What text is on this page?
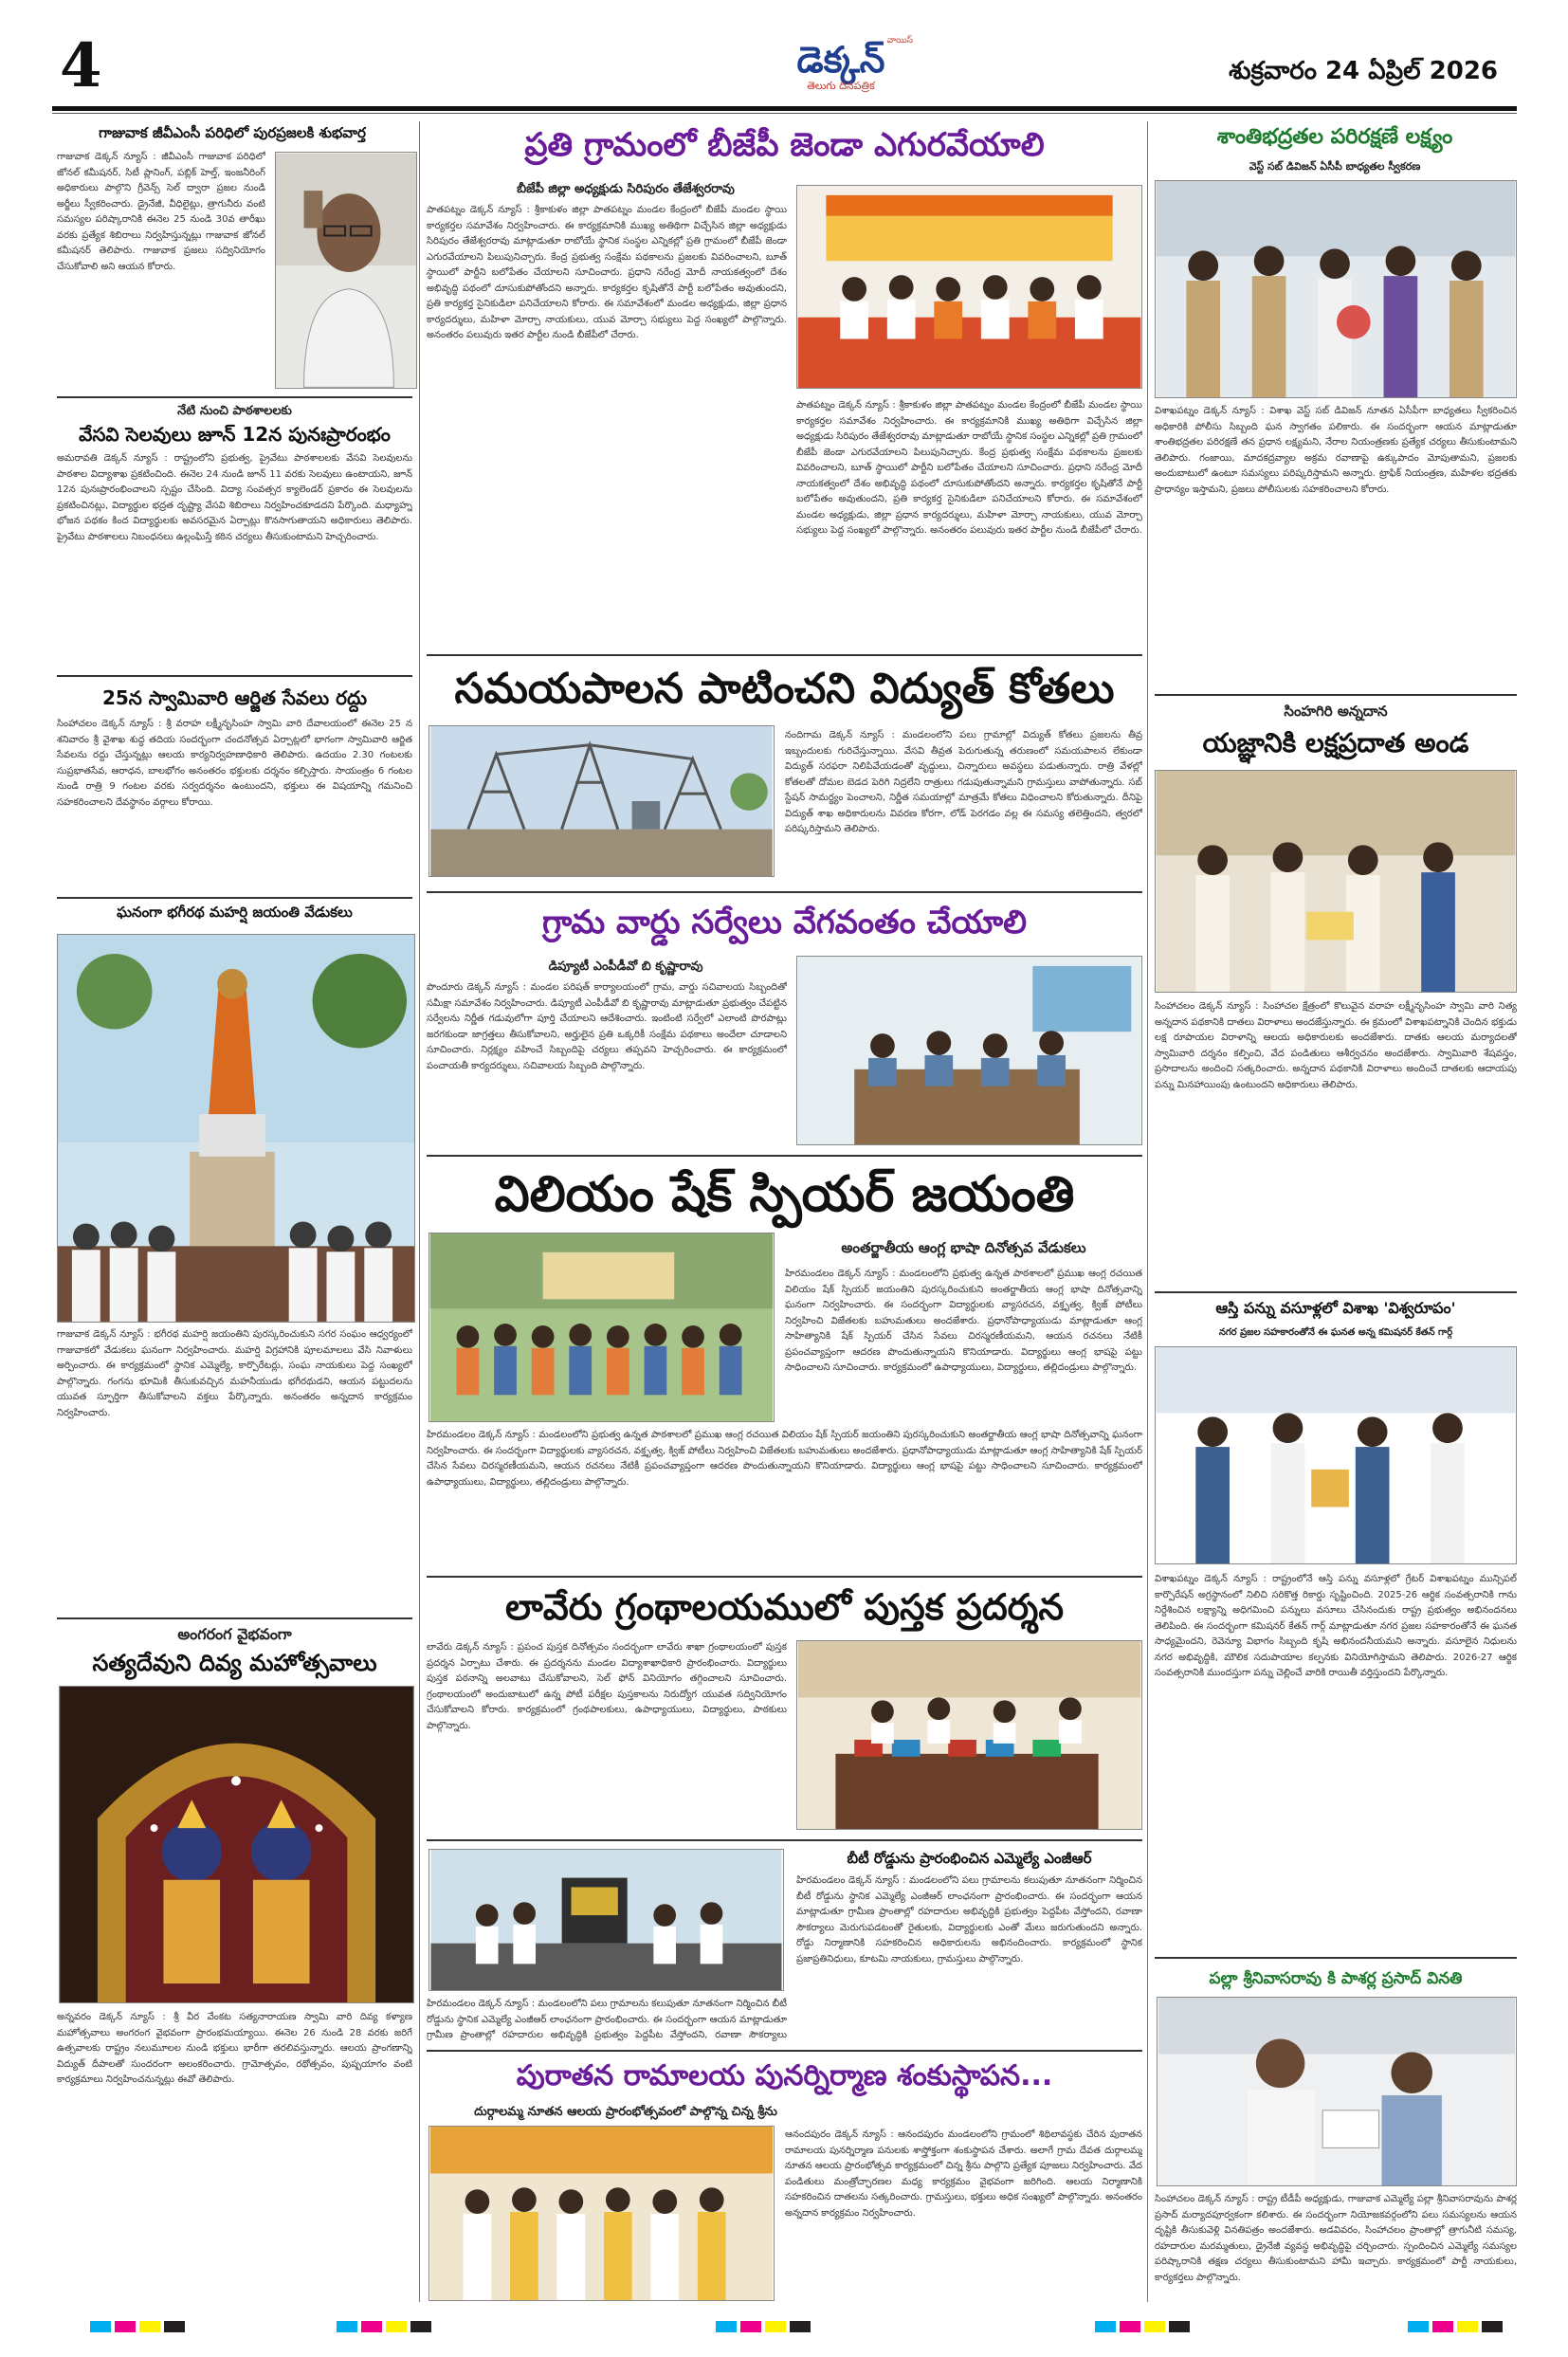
4	వాయిస్
డెక్కన్
తెలుగు దినపత్రిక
శుక్రవారం 24 ఏప్రిల్ 2026
గాజువాక జీవీఎంసీ పరిధిలో పురప్రజలకి శుభవార్త
గాజువాక డెక్కన్ న్యూస్ : జీవీఎంసీ గాజువాక పరిధిలో జోనల్ కమీషనర్, సిటీ ప్లానింగ్, పబ్లిక్ హెల్త్, ఇంజనీరింగ్ అధికారులు పాల్గొని గ్రీవెన్స్ సెల్ ద్వారా ప్రజల నుండి అర్జీలు స్వీకరించారు. డ్రైనేజీ, వీధిలైట్లు, త్రాగునీరు వంటి సమస్యల పరిష్కారానికి ఈనెల 25 నుండి 30వ తారీఖు వరకు ప్రత్యేక శిబిరాలు నిర్వహిస్తున్నట్లు గాజువాక జోనల్ కమీషనర్ తెలిపారు. గాజువాక ప్రజలు సద్వినియోగం చేసుకోవాలి అని ఆయన కోరారు.
నేటి నుంచి పాఠశాలలకు
వేసవి సెలవులు జూన్ 12న పునఃప్రారంభం
అమరావతి డెక్కన్ న్యూస్ : రాష్ట్రంలోని ప్రభుత్వ, ప్రైవేటు పాఠశాలలకు వేసవి సెలవులను పాఠశాల విద్యాశాఖ ప్రకటించింది. ఈనెల 24 నుండి జూన్ 11 వరకు సెలవులు ఉంటాయని, జూన్ 12న పునఃప్రారంభించాలని స్పష్టం చేసింది. విద్యా సంవత్సర క్యాలెండర్ ప్రకారం ఈ సెలవులను ప్రకటించినట్లు, విద్యార్థుల భద్రత దృష్ట్యా వేసవి శిబిరాలు నిర్వహించకూడదని పేర్కొంది. మధ్యాహ్న భోజన పథకం కింద విద్యార్థులకు అవసరమైన ఏర్పాట్లు కొనసాగుతాయని అధికారులు తెలిపారు. ప్రైవేటు పాఠశాలలు నిబంధనలు ఉల్లంఘిస్తే కఠిన చర్యలు తీసుకుంటామని హెచ్చరించారు.
25న స్వామివారి ఆర్జిత సేవలు రద్దు
సింహాచలం డెక్కన్ న్యూస్ : శ్రీ వరాహ లక్ష్మీనృసింహ స్వామి వారి దేవాలయంలో ఈనెల 25 న శనివారం శ్రీ వైశాఖ శుద్ధ తదియ సందర్భంగా చందనోత్సవ ఏర్పాట్లలో భాగంగా స్వామివారి ఆర్జిత సేవలను రద్దు చేస్తున్నట్లు ఆలయ కార్యనిర్వహణాధికారి తెలిపారు. ఉదయం 2.30 గంటలకు సుప్రభాతసేవ, ఆరాధన, బాలభోగం అనంతరం భక్తులకు దర్శనం కల్పిస్తారు. సాయంత్రం 6 గంటల నుండి రాత్రి 9 గంటల వరకు సర్వదర్శనం ఉంటుందని, భక్తులు ఈ విషయాన్ని గమనించి సహకరించాలని దేవస్థానం వర్గాలు కోరాయి.
ఘనంగా భగీరథ మహర్షి జయంతి వేడుకలు
గాజువాక డెక్కన్ న్యూస్ : భగీరథ మహర్షి జయంతిని పురస్కరించుకుని సగర సంఘం ఆధ్వర్యంలో గాజువాకలో వేడుకలు ఘనంగా నిర్వహించారు. మహర్షి విగ్రహానికి పూలమాలలు వేసి నివాళులు అర్పించారు. ఈ కార్యక్రమంలో స్థానిక ఎమ్మెల్యే, కార్పొరేటర్లు, సంఘ నాయకులు పెద్ద సంఖ్యలో పాల్గొన్నారు. గంగను భూమికి తీసుకువచ్చిన మహనీయుడు భగీరథుడని, ఆయన పట్టుదలను యువత స్ఫూర్తిగా తీసుకోవాలని వక్తలు పేర్కొన్నారు. అనంతరం అన్నదాన కార్యక్రమం నిర్వహించారు.
అంగరంగ వైభవంగా
సత్యదేవుని దివ్య మహోత్సవాలు
అన్నవరం డెక్కన్ న్యూస్ : శ్రీ వీర వేంకట సత్యనారాయణ స్వామి వారి దివ్య కళ్యాణ మహోత్సవాలు అంగరంగ వైభవంగా ప్రారంభమయ్యాయి. ఈనెల 26 నుండి 28 వరకు జరిగే ఉత్సవాలకు రాష్ట్రం నలుమూలల నుండి భక్తులు భారీగా తరలివస్తున్నారు. ఆలయ ప్రాంగణాన్ని విద్యుత్ దీపాలతో సుందరంగా అలంకరించారు. గ్రామోత్సవం, రథోత్సవం, పుష్పయాగం వంటి కార్యక్రమాలు నిర్వహించనున్నట్లు ఈవో తెలిపారు.
ప్రతి గ్రామంలో బీజేపీ జెండా ఎగురవేయాలి
బీజేపీ జిల్లా అధ్యక్షుడు సిరిపురం తేజేశ్వరరావు
పాతపట్నం డెక్కన్ న్యూస్ : శ్రీకాకుళం జిల్లా పాతపట్నం మండల కేంద్రంలో బీజేపీ మండల స్థాయి కార్యకర్తల సమావేశం నిర్వహించారు. ఈ కార్యక్రమానికి ముఖ్య అతిథిగా విచ్చేసిన జిల్లా అధ్యక్షుడు సిరిపురం తేజేశ్వరరావు మాట్లాడుతూ రాబోయే స్థానిక సంస్థల ఎన్నికల్లో ప్రతి గ్రామంలో బీజేపీ జెండా ఎగురవేయాలని పిలుపునిచ్చారు. కేంద్ర ప్రభుత్వ సంక్షేమ పథకాలను ప్రజలకు వివరించాలని, బూత్ స్థాయిలో పార్టీని బలోపేతం చేయాలని సూచించారు. ప్రధాని నరేంద్ర మోదీ నాయకత్వంలో దేశం అభివృద్ధి పథంలో దూసుకుపోతోందని అన్నారు. కార్యకర్తల కృషితోనే పార్టీ బలోపేతం అవుతుందని, ప్రతి కార్యకర్త సైనికుడిలా పనిచేయాలని కోరారు. ఈ సమావేశంలో మండల అధ్యక్షుడు, జిల్లా ప్రధాన కార్యదర్శులు, మహిళా మోర్చా నాయకులు, యువ మోర్చా సభ్యులు పెద్ద సంఖ్యలో పాల్గొన్నారు. అనంతరం పలువురు ఇతర పార్టీల నుండి బీజేపీలో చేరారు.
పాతపట్నం డెక్కన్ న్యూస్ : శ్రీకాకుళం జిల్లా పాతపట్నం మండల కేంద్రంలో బీజేపీ మండల స్థాయి కార్యకర్తల సమావేశం నిర్వహించారు. ఈ కార్యక్రమానికి ముఖ్య అతిథిగా విచ్చేసిన జిల్లా అధ్యక్షుడు సిరిపురం తేజేశ్వరరావు మాట్లాడుతూ రాబోయే స్థానిక సంస్థల ఎన్నికల్లో ప్రతి గ్రామంలో బీజేపీ జెండా ఎగురవేయాలని పిలుపునిచ్చారు. కేంద్ర ప్రభుత్వ సంక్షేమ పథకాలను ప్రజలకు వివరించాలని, బూత్ స్థాయిలో పార్టీని బలోపేతం చేయాలని సూచించారు. ప్రధాని నరేంద్ర మోదీ నాయకత్వంలో దేశం అభివృద్ధి పథంలో దూసుకుపోతోందని అన్నారు. కార్యకర్తల కృషితోనే పార్టీ బలోపేతం అవుతుందని, ప్రతి కార్యకర్త సైనికుడిలా పనిచేయాలని కోరారు. ఈ సమావేశంలో మండల అధ్యక్షుడు, జిల్లా ప్రధాన కార్యదర్శులు, మహిళా మోర్చా నాయకులు, యువ మోర్చా సభ్యులు పెద్ద సంఖ్యలో పాల్గొన్నారు. అనంతరం పలువురు ఇతర పార్టీల నుండి బీజేపీలో చేరారు.
సమయపాలన పాటించని విద్యుత్ కోతలు
నందిగామ డెక్కన్ న్యూస్ : మండలంలోని పలు గ్రామాల్లో విద్యుత్ కోతలు ప్రజలను తీవ్ర ఇబ్బందులకు గురిచేస్తున్నాయి. వేసవి తీవ్రత పెరుగుతున్న తరుణంలో సమయపాలన లేకుండా విద్యుత్ సరఫరా నిలిపివేయడంతో వృద్ధులు, చిన్నారులు అవస్థలు పడుతున్నారు. రాత్రి వేళల్లో కోతలతో దోమల బెడద పెరిగి నిద్రలేని రాత్రులు గడుపుతున్నామని గ్రామస్తులు వాపోతున్నారు. సబ్ స్టేషన్ సామర్థ్యం పెంచాలని, నిర్ణీత సమయాల్లో మాత్రమే కోతలు విధించాలని కోరుతున్నారు. దీనిపై విద్యుత్ శాఖ అధికారులను వివరణ కోరగా, లోడ్ పెరగడం వల్ల ఈ సమస్య తలెత్తిందని, త్వరలో పరిష్కరిస్తామని తెలిపారు.
గ్రామ వార్డు సర్వేలు వేగవంతం చేయాలి
డిప్యూటీ ఎంపీడీవో బి కృష్ణారావు
పొందూరు డెక్కన్ న్యూస్ : మండల పరిషత్ కార్యాలయంలో గ్రామ, వార్డు సచివాలయ సిబ్బందితో సమీక్షా సమావేశం నిర్వహించారు. డిప్యూటీ ఎంపీడీవో బి కృష్ణారావు మాట్లాడుతూ ప్రభుత్వం చేపట్టిన సర్వేలను నిర్ణీత గడువులోగా పూర్తి చేయాలని ఆదేశించారు. ఇంటింటి సర్వేలో ఎలాంటి పొరపాట్లు జరగకుండా జాగ్రత్తలు తీసుకోవాలని, అర్హులైన ప్రతి ఒక్కరికీ సంక్షేమ పథకాలు అందేలా చూడాలని సూచించారు. నిర్లక్ష్యం వహించే సిబ్బందిపై చర్యలు తప్పవని హెచ్చరించారు. ఈ కార్యక్రమంలో పంచాయతీ కార్యదర్శులు, సచివాలయ సిబ్బంది పాల్గొన్నారు.
విలియం షేక్ స్పియర్ జయంతి
అంతర్జాతీయ ఆంగ్ల భాషా దినోత్సవ వేడుకలు
హిరమండలం డెక్కన్ న్యూస్ : మండలంలోని ప్రభుత్వ ఉన్నత పాఠశాలలో ప్రముఖ ఆంగ్ల రచయిత విలియం షేక్ స్పియర్ జయంతిని పురస్కరించుకుని అంతర్జాతీయ ఆంగ్ల భాషా దినోత్సవాన్ని ఘనంగా నిర్వహించారు. ఈ సందర్భంగా విద్యార్థులకు వ్యాసరచన, వక్తృత్వ, క్విజ్ పోటీలు నిర్వహించి విజేతలకు బహుమతులు అందజేశారు. ప్రధానోపాధ్యాయుడు మాట్లాడుతూ ఆంగ్ల సాహిత్యానికి షేక్ స్పియర్ చేసిన సేవలు చిరస్మరణీయమని, ఆయన రచనలు నేటికీ ప్రపంచవ్యాప్తంగా ఆదరణ పొందుతున్నాయని కొనియాడారు. విద్యార్థులు ఆంగ్ల భాషపై పట్టు సాధించాలని సూచించారు. కార్యక్రమంలో ఉపాధ్యాయులు, విద్యార్థులు, తల్లిదండ్రులు పాల్గొన్నారు.
హిరమండలం డెక్కన్ న్యూస్ : మండలంలోని ప్రభుత్వ ఉన్నత పాఠశాలలో ప్రముఖ ఆంగ్ల రచయిత విలియం షేక్ స్పియర్ జయంతిని పురస్కరించుకుని అంతర్జాతీయ ఆంగ్ల భాషా దినోత్సవాన్ని ఘనంగా నిర్వహించారు. ఈ సందర్భంగా విద్యార్థులకు వ్యాసరచన, వక్తృత్వ, క్విజ్ పోటీలు నిర్వహించి విజేతలకు బహుమతులు అందజేశారు. ప్రధానోపాధ్యాయుడు మాట్లాడుతూ ఆంగ్ల సాహిత్యానికి షేక్ స్పియర్ చేసిన సేవలు చిరస్మరణీయమని, ఆయన రచనలు నేటికీ ప్రపంచవ్యాప్తంగా ఆదరణ పొందుతున్నాయని కొనియాడారు. విద్యార్థులు ఆంగ్ల భాషపై పట్టు సాధించాలని సూచించారు. కార్యక్రమంలో ఉపాధ్యాయులు, విద్యార్థులు, తల్లిదండ్రులు పాల్గొన్నారు.
లావేరు గ్రంథాలయములో పుస్తక ప్రదర్శన
లావేరు డెక్కన్ న్యూస్ : ప్రపంచ పుస్తక దినోత్సవం సందర్భంగా లావేరు శాఖా గ్రంథాలయంలో పుస్తక ప్రదర్శన ఏర్పాటు చేశారు. ఈ ప్రదర్శనను మండల విద్యాశాఖాధికారి ప్రారంభించారు. విద్యార్థులు పుస్తక పఠనాన్ని అలవాటు చేసుకోవాలని, సెల్ ఫోన్ వినియోగం తగ్గించాలని సూచించారు. గ్రంథాలయంలో అందుబాటులో ఉన్న పోటీ పరీక్షల పుస్తకాలను నిరుద్యోగ యువత సద్వినియోగం చేసుకోవాలని కోరారు. కార్యక్రమంలో గ్రంథపాలకులు, ఉపాధ్యాయులు, విద్యార్థులు, పాఠకులు పాల్గొన్నారు.
బీటీ రోడ్డును ప్రారంభించిన ఎమ్మెల్యే ఎంజీఆర్
హిరమండలం డెక్కన్ న్యూస్ : మండలంలోని పలు గ్రామాలను కలుపుతూ నూతనంగా నిర్మించిన బీటీ రోడ్డును స్థానిక ఎమ్మెల్యే ఎంజీఆర్ లాంఛనంగా ప్రారంభించారు. ఈ సందర్భంగా ఆయన మాట్లాడుతూ గ్రామీణ ప్రాంతాల్లో రహదారుల అభివృద్ధికి ప్రభుత్వం పెద్దపీట వేస్తోందని, రవాణా సౌకర్యాలు మెరుగుపడటంతో రైతులకు, విద్యార్థులకు ఎంతో మేలు జరుగుతుందని అన్నారు. రోడ్డు నిర్మాణానికి సహకరించిన అధికారులను అభినందించారు. కార్యక్రమంలో స్థానిక ప్రజాప్రతినిధులు, కూటమి నాయకులు, గ్రామస్తులు పాల్గొన్నారు.
హిరమండలం డెక్కన్ న్యూస్ : మండలంలోని పలు గ్రామాలను కలుపుతూ నూతనంగా నిర్మించిన బీటీ రోడ్డును స్థానిక ఎమ్మెల్యే ఎంజీఆర్ లాంఛనంగా ప్రారంభించారు. ఈ సందర్భంగా ఆయన మాట్లాడుతూ గ్రామీణ ప్రాంతాల్లో రహదారుల అభివృద్ధికి ప్రభుత్వం పెద్దపీట వేస్తోందని, రవాణా సౌకర్యాలు
పురాతన రామాలయ పునర్నిర్మాణ శంకుస్థాపన...
దుర్గాలమ్మ నూతన ఆలయ ప్రారంభోత్సవంలో పాల్గొన్న చిన్న శ్రీను
ఆనందపురం డెక్కన్ న్యూస్ : ఆనందపురం మండలంలోని గ్రామంలో శిథిలావస్థకు చేరిన పురాతన రామాలయ పునర్నిర్మాణ పనులకు శాస్త్రోక్తంగా శంకుస్థాపన చేశారు. అలాగే గ్రామ దేవత దుర్గాలమ్మ నూతన ఆలయ ప్రారంభోత్సవ కార్యక్రమంలో చిన్న శ్రీను పాల్గొని ప్రత్యేక పూజలు నిర్వహించారు. వేద పండితులు మంత్రోచ్ఛారణల మధ్య కార్యక్రమం వైభవంగా జరిగింది. ఆలయ నిర్మాణానికి సహకరించిన దాతలను సత్కరించారు. గ్రామస్తులు, భక్తులు అధిక సంఖ్యలో పాల్గొన్నారు. అనంతరం అన్నదాన కార్యక్రమం నిర్వహించారు.
శాంతిభద్రతల పరిరక్షణే లక్ష్యం
వెస్ట్ సబ్ డివిజన్ ఏసీపీ బాధ్యతల స్వీకరణ
విశాఖపట్నం డెక్కన్ న్యూస్ : విశాఖ వెస్ట్ సబ్ డివిజన్ నూతన ఏసీపీగా బాధ్యతలు స్వీకరించిన అధికారికి పోలీసు సిబ్బంది ఘన స్వాగతం పలికారు. ఈ సందర్భంగా ఆయన మాట్లాడుతూ శాంతిభద్రతల పరిరక్షణే తన ప్రధాన లక్ష్యమని, నేరాల నియంత్రణకు ప్రత్యేక చర్యలు తీసుకుంటామని తెలిపారు. గంజాయి, మాదకద్రవ్యాల అక్రమ రవాణాపై ఉక్కుపాదం మోపుతామని, ప్రజలకు అందుబాటులో ఉంటూ సమస్యలు పరిష్కరిస్తామని అన్నారు. ట్రాఫిక్ నియంత్రణ, మహిళల భద్రతకు ప్రాధాన్యం ఇస్తామని, ప్రజలు పోలీసులకు సహకరించాలని కోరారు.
సింహగిరి అన్నదాన
యజ్ఞానికి లక్షప్రదాత అండ
సింహాచలం డెక్కన్ న్యూస్ : సింహాచల క్షేత్రంలో కొలువైన వరాహ లక్ష్మీనృసింహ స్వామి వారి నిత్య అన్నదాన పథకానికి దాతలు విరాళాలు అందజేస్తున్నారు. ఈ క్రమంలో విశాఖపట్నానికి చెందిన భక్తుడు లక్ష రూపాయల విరాళాన్ని ఆలయ అధికారులకు అందజేశారు. దాతకు ఆలయ మర్యాదలతో స్వామివారి దర్శనం కల్పించి, వేద పండితులు ఆశీర్వచనం అందజేశారు. స్వామివారి శేషవస్త్రం, ప్రసాదాలను అందించి సత్కరించారు. అన్నదాన పథకానికి విరాళాలు అందించే దాతలకు ఆదాయపు పన్ను మినహాయింపు ఉంటుందని అధికారులు తెలిపారు.
ఆస్తి పన్ను వసూళ్లలో విశాఖ 'విశ్వరూపం'
నగర ప్రజల సహకారంతోనే ఈ ఘనత అన్న కమిషనర్ కేతన్ గార్గ్
విశాఖపట్నం డెక్కన్ న్యూస్ : రాష్ట్రంలోనే ఆస్తి పన్ను వసూళ్లలో గ్రేటర్ విశాఖపట్నం మున్సిపల్ కార్పొరేషన్ అగ్రస్థానంలో నిలిచి సరికొత్త రికార్డు సృష్టించింది. 2025-26 ఆర్థిక సంవత్సరానికి గాను నిర్దేశించిన లక్ష్యాన్ని అధిగమించి పన్నులు వసూలు చేసినందుకు రాష్ట్ర ప్రభుత్వం అభినందనలు తెలిపింది. ఈ సందర్భంగా కమిషనర్ కేతన్ గార్గ్ మాట్లాడుతూ నగర ప్రజల సహకారంతోనే ఈ ఘనత సాధ్యమైందని, రెవెన్యూ విభాగం సిబ్బంది కృషి అభినందనీయమని అన్నారు. వసూలైన నిధులను నగర అభివృద్ధికి, మౌలిక సదుపాయాల కల్పనకు వినియోగిస్తామని తెలిపారు. 2026-27 ఆర్థిక సంవత్సరానికి ముందస్తుగా పన్ను చెల్లించే వారికి రాయితీ వర్తిస్తుందని పేర్కొన్నారు.
పల్లా శ్రీనివాసరావు కి పాశర్ల ప్రసాద్ వినతి
సింహాచలం డెక్కన్ న్యూస్ : రాష్ట్ర టీడీపీ అధ్యక్షుడు, గాజువాక ఎమ్మెల్యే పల్లా శ్రీనివాసరావును పాశర్ల ప్రసాద్ మర్యాదపూర్వకంగా కలిశారు. ఈ సందర్భంగా నియోజకవర్గంలోని పలు సమస్యలను ఆయన దృష్టికి తీసుకువెళ్లి వినతిపత్రం అందజేశారు. అడవివరం, సింహాచలం ప్రాంతాల్లో త్రాగునీటి సమస్య, రహదారుల మరమ్మతులు, డ్రైనేజీ వ్యవస్థ అభివృద్ధిపై చర్చించారు. స్పందించిన ఎమ్మెల్యే సమస్యల పరిష్కారానికి తక్షణ చర్యలు తీసుకుంటామని హామీ ఇచ్చారు. కార్యక్రమంలో పార్టీ నాయకులు, కార్యకర్తలు పాల్గొన్నారు.
